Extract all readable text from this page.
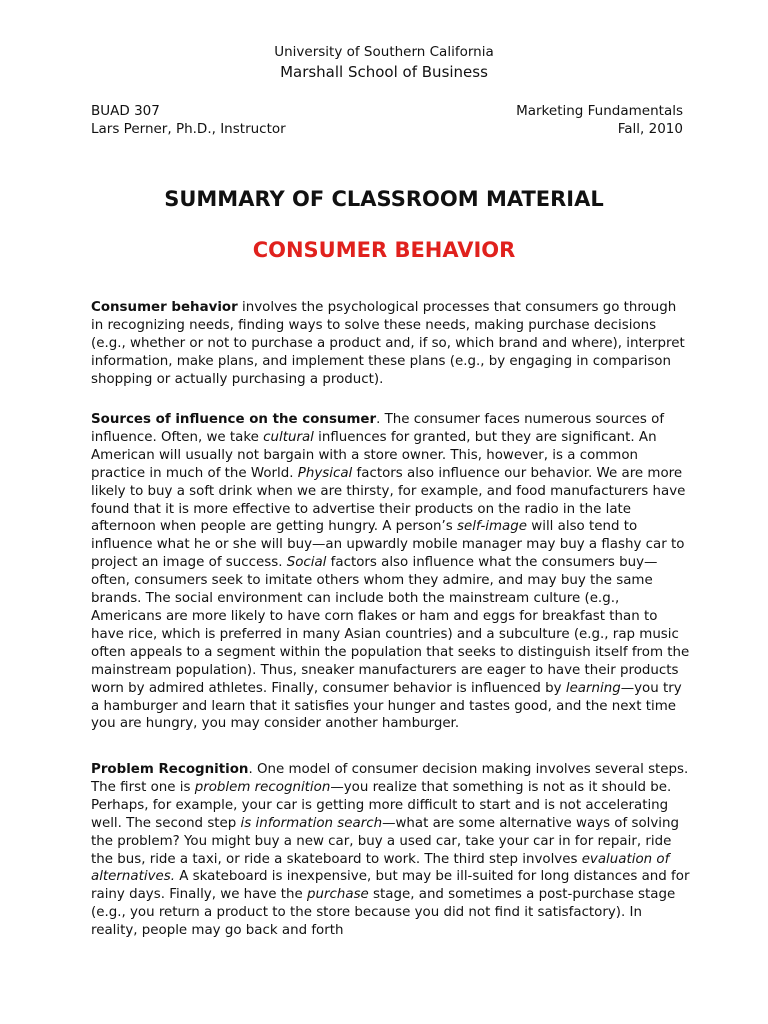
University of Southern California
Marshall School of Business
BUAD 307	Marketing Fundamentals
Lars Perner, Ph.D., Instructor	Fall, 2010
SUMMARY OF CLASSROOM MATERIAL
CONSUMER BEHAVIOR

Consumer behavior involves the psychological processes that consumers go through in recognizing needs, finding ways to solve these needs, making purchase decisions (e.g., whether or not to purchase a product and, if so, which brand and where), interpret information, make plans, and implement these plans (e.g., by engaging in comparison shopping or actually purchasing a product).

Sources of influence on the consumer. The consumer faces numerous sources of influence. Often, we take cultural influences for granted, but they are significant. An American will usually not bargain with a store owner. This, however, is a common practice in much of the World. Physical factors also influence our behavior. We are more likely to buy a soft drink when we are thirsty, for example, and food manufacturers have found that it is more effective to advertise their products on the radio in the late afternoon when people are getting hungry. A person’s self-image will also tend to influence what he or she will buy—an upwardly mobile manager may buy a flashy car to project an image of success. Social factors also influence what the consumers buy—often, consumers seek to imitate others whom they admire, and may buy the same brands. The social environment can include both the mainstream culture (e.g., Americans are more likely to have corn flakes or ham and eggs for breakfast than to have rice, which is preferred in many Asian countries) and a subculture (e.g., rap music often appeals to a segment within the population that seeks to distinguish itself from the mainstream population). Thus, sneaker manufacturers are eager to have their products worn by admired athletes. Finally, consumer behavior is influenced by learning—you try a hamburger and learn that it satisfies your hunger and tastes good, and the next time you are hungry, you may consider another hamburger.

Problem Recognition. One model of consumer decision making involves several steps. The first one is problem recognition—you realize that something is not as it should be. Perhaps, for example, your car is getting more difficult to start and is not accelerating well. The second step is information search—what are some alternative ways of solving the problem? You might buy a new car, buy a used car, take your car in for repair, ride the bus, ride a taxi, or ride a skateboard to work. The third step involves evaluation of alternatives. A skateboard is inexpensive, but may be ill-suited for long distances and for rainy days. Finally, we have the purchase stage, and sometimes a post-purchase stage (e.g., you return a product to the store because you did not find it satisfactory). In reality, people may go back and forth
